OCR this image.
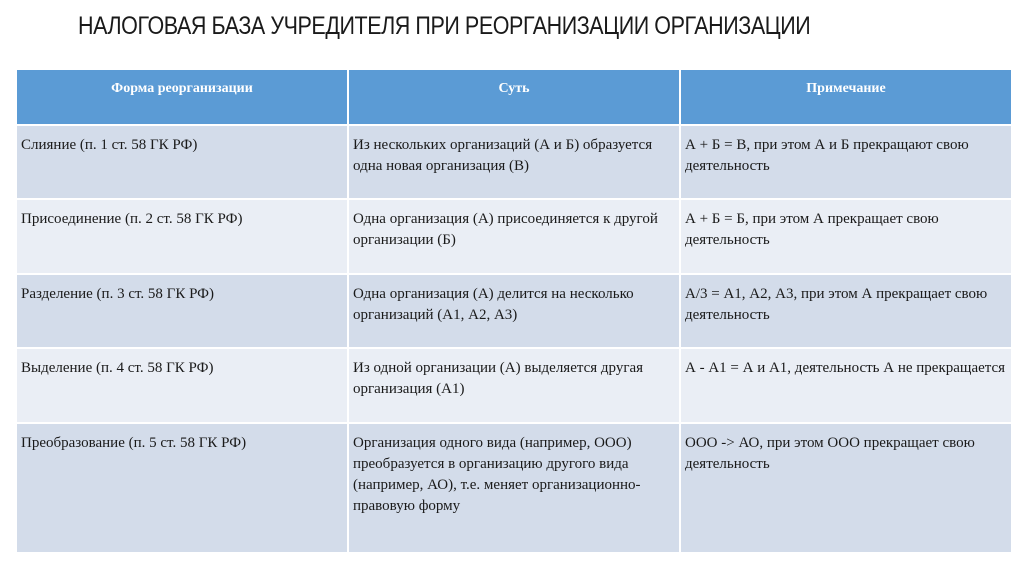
НАЛОГОВАЯ БАЗА УЧРЕДИТЕЛЯ ПРИ РЕОРГАНИЗАЦИИ ОРГАНИЗАЦИИ
Форма реорганизации	Суть	Примечание
Слияние (п. 1 ст. 58 ГК РФ)	Из нескольких организаций (А и Б) образуется одна новая организация (В)	А + Б = В, при этом А и Б прекращают свою деятельность
Присоединение (п. 2 ст. 58 ГК РФ)	Одна организация (А) присоединяется к другой организации (Б)	А + Б = Б, при этом А прекращает свою деятельность
Разделение (п. 3 ст. 58 ГК РФ)	Одна организация (А) делится на несколько организаций (А1, А2, А3)	А/3 = А1, А2, А3, при этом А прекращает свою деятельность
Выделение (п. 4 ст. 58 ГК РФ)	Из одной организации (А) выделяется другая организация (А1)	А - А1 = А и А1, деятельность А не прекращается
Преобразование (п. 5 ст. 58 ГК РФ)	Организация одного вида (например, ООО) преобразуется в организацию другого вида (например, АО), т.е. меняет организационно-правовую форму	ООО -> АО, при этом ООО прекращает свою деятельность
